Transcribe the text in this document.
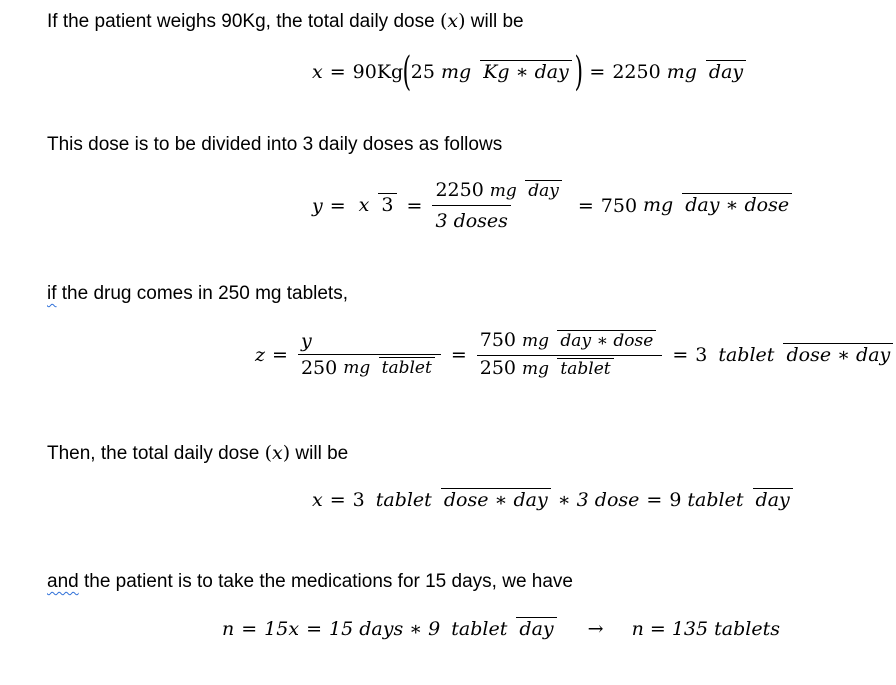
If the patient weighs 90Kg, the total daily dose (x) will be
x = 90Kg ( 25 mg Kg ∗ day ) = 2250 mg day
This dose is to be divided into 3 daily doses as follows
y = x $3 = \frac{\text{2250 mg day}}{\text{3 doses}} = 750$ mg day ∗ dose
if the drug comes in 250 mg tablets,
$z = \frac{y}{\text{250 mg tablet}} = \frac{\text{750 mg day ∗ dose}}{\text{250 mg tablet}} = 3$ tablet dose ∗ day
Then, the total daily dose (x) will be
x = 3 tablet dose ∗ day ∗ 3 dose = 9 tablet day
and the patient is to take the medications for 15 days, we have
n = 15x = 15 days ∗ 9 tablet day → n = 135 tablets
